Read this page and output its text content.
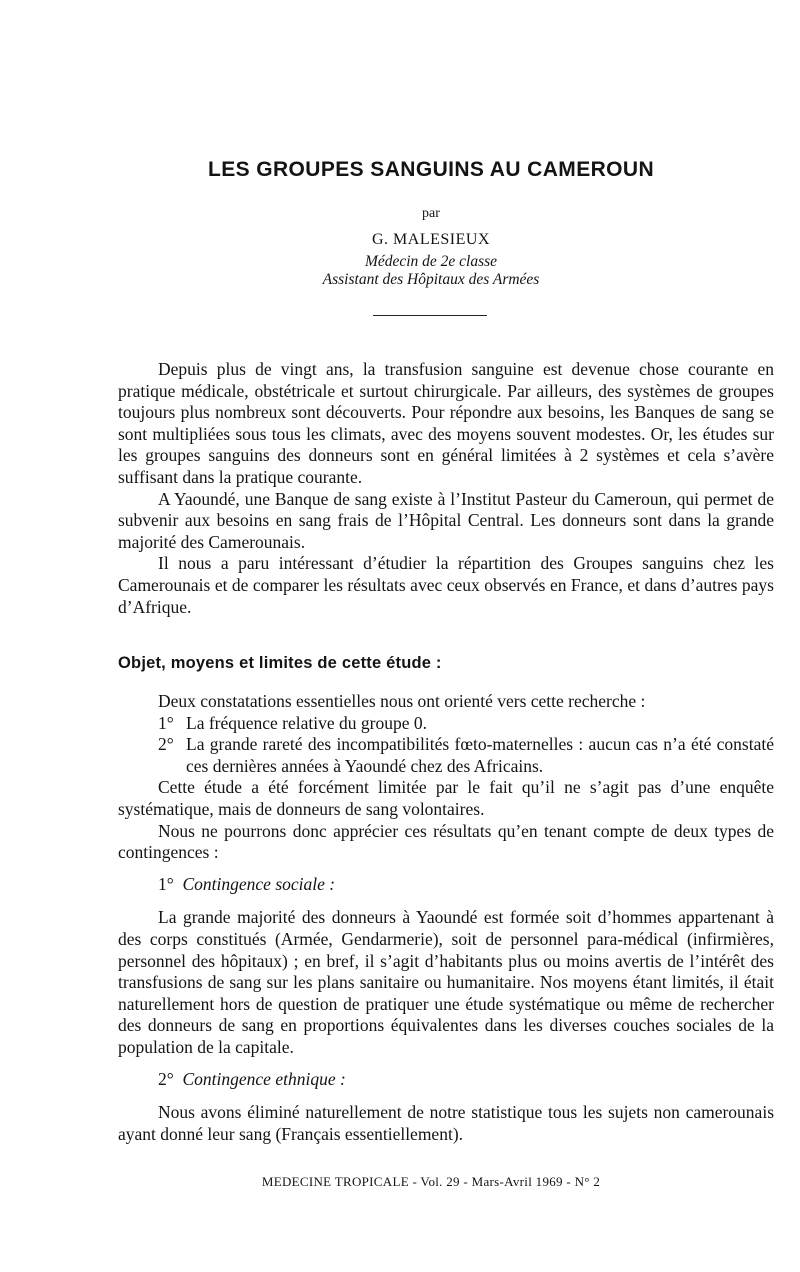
LES GROUPES SANGUINS AU CAMEROUN
par
G. MALESIEUX
Médecin de 2e classe
Assistant des Hôpitaux des Armées

Depuis plus de vingt ans, la transfusion sanguine est devenue chose courante en pratique médicale, obstétricale et surtout chirurgicale. Par ailleurs, des systèmes de groupes toujours plus nombreux sont découverts. Pour répondre aux besoins, les Banques de sang se sont multipliées sous tous les climats, avec des moyens souvent modestes. Or, les études sur les groupes sanguins des donneurs sont en général limitées à 2 systèmes et cela s’avère suffisant dans la pratique courante.

A Yaoundé, une Banque de sang existe à l’Institut Pasteur du Cameroun, qui permet de subvenir aux besoins en sang frais de l’Hôpital Central. Les donneurs sont dans la grande majorité des Camerounais.

Il nous a paru intéressant d’étudier la répartition des Groupes sanguins chez les Camerounais et de comparer les résultats avec ceux observés en France, et dans d’autres pays d’Afrique.

Objet, moyens et limites de cette étude :

Deux constatations essentielles nous ont orienté vers cette recherche :

1° La fréquence relative du groupe 0.

2° La grande rareté des incompatibilités fœto-maternelles : aucun cas n’a été constaté ces dernières années à Yaoundé chez des Africains.

Cette étude a été forcément limitée par le fait qu’il ne s’agit pas d’une enquête systématique, mais de donneurs de sang volontaires.

Nous ne pourrons donc apprécier ces résultats qu’en tenant compte de deux types de contingences :

1° Contingence sociale :

La grande majorité des donneurs à Yaoundé est formée soit d’hommes appartenant à des corps constitués (Armée, Gendarmerie), soit de personnel para-médical (infirmières, personnel des hôpitaux) ; en bref, il s’agit d’habitants plus ou moins avertis de l’intérêt des transfusions de sang sur les plans sanitaire ou humanitaire. Nos moyens étant limités, il était naturellement hors de question de pratiquer une étude systématique ou même de rechercher des donneurs de sang en proportions équivalentes dans les diverses couches sociales de la population de la capitale.

2° Contingence ethnique :

Nous avons éliminé naturellement de notre statistique tous les sujets non camerounais ayant donné leur sang (Français essentiellement).

MEDECINE TROPICALE - Vol. 29 - Mars-Avril 1969 - N° 2
